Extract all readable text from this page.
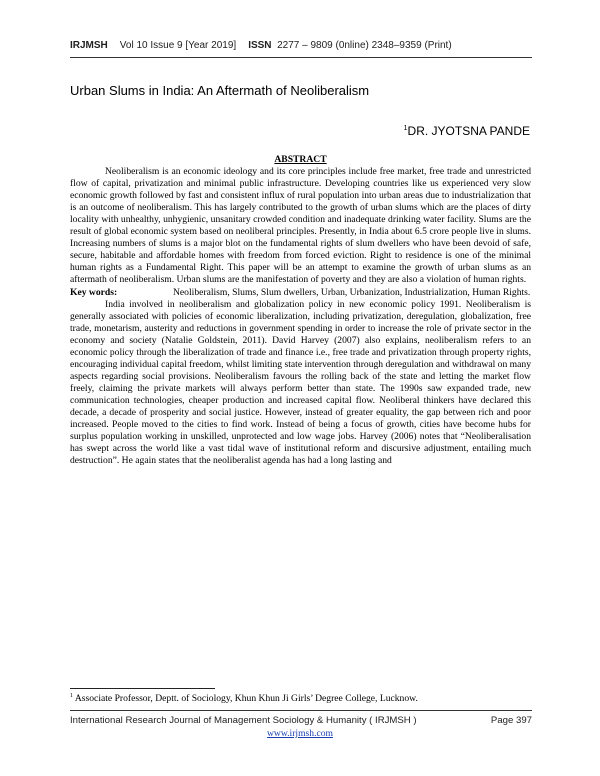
IRJMSH Vol 10 Issue 9 [Year 2019] ISSN 2277 – 9809 (0nline) 2348–9359 (Print)
Urban Slums in India: An Aftermath of Neoliberalism
$^1$DR. JYOTSNA PANDE

ABSTRACT

Neoliberalism is an economic ideology and its core principles include free market, free trade and unrestricted flow of capital, privatization and minimal public infrastructure. Developing countries like us experienced very slow economic growth followed by fast and consistent influx of rural population into urban areas due to industrialization that is an outcome of neoliberalism. This has largely contributed to the growth of urban slums which are the places of dirty locality with unhealthy, unhygienic, unsanitary crowded condition and inadequate drinking water facility. Slums are the result of global economic system based on neoliberal principles. Presently, in India about 6.5 crore people live in slums. Increasing numbers of slums is a major blot on the fundamental rights of slum dwellers who have been devoid of safe, secure, habitable and affordable homes with freedom from forced eviction. Right to residence is one of the minimal human rights as a Fundamental Right. This paper will be an attempt to examine the growth of urban slums as an aftermath of neoliberalism. Urban slums are the manifestation of poverty and they are also a violation of human rights.

Key words:	Neoliberalism, Slums, Slum dwellers, Urban, Urbanization, Industrialization, Human Rights.

India involved in neoliberalism and globalization policy in new economic policy 1991. Neoliberalism is generally associated with policies of economic liberalization, including privatization, deregulation, globalization, free trade, monetarism, austerity and reductions in government spending in order to increase the role of private sector in the economy and society (Natalie Goldstein, 2011). David Harvey (2007) also explains, neoliberalism refers to an economic policy through the liberalization of trade and finance i.e., free trade and privatization through property rights, encouraging individual capital freedom, whilst limiting state intervention through deregulation and withdrawal on many aspects regarding social provisions. Neoliberalism favours the rolling back of the state and letting the market flow freely, claiming the private markets will always perform better than state. The 1990s saw expanded trade, new communication technologies, cheaper production and increased capital flow. Neoliberal thinkers have declared this decade, a decade of prosperity and social justice. However, instead of greater equality, the gap between rich and poor increased. People moved to the cities to find work. Instead of being a focus of growth, cities have become hubs for surplus population working in unskilled, unprotected and low wage jobs. Harvey (2006) notes that “Neoliberalisation has swept across the world like a vast tidal wave of institutional reform and discursive adjustment, entailing much destruction”. He again states that the neoliberalist agenda has had a long lasting and

$^1$ Associate Professor, Deptt. of Sociology, Khun Khun Ji Girls’ Degree College, Lucknow.
International Research Journal of Management Sociology & Humanity ( IRJMSH )	Page 397
www.irjmsh.com
